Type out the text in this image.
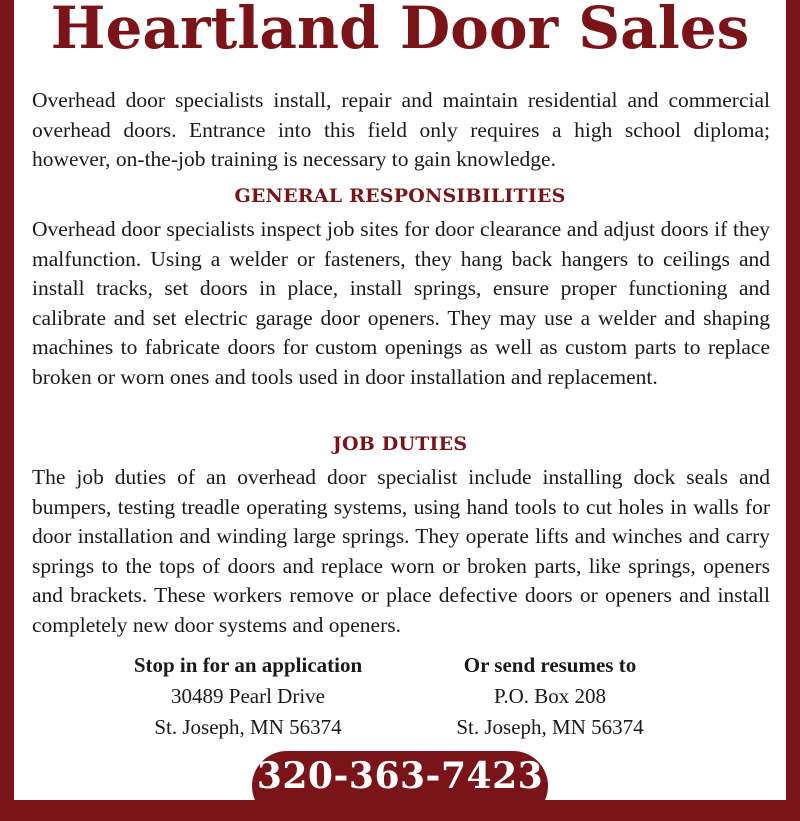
Heartland Door Sales
Overhead door specialists install, repair and maintain residential and commercial overhead doors. Entrance into this field only requires a high school diploma; however, on-the-job training is necessary to gain knowledge.
GENERAL RESPONSIBILITIES
Overhead door specialists inspect job sites for door clearance and adjust doors if they malfunction. Using a welder or fasteners, they hang back hangers to ceilings and install tracks, set doors in place, install springs, ensure proper functioning and calibrate and set electric garage door openers. They may use a welder and shaping machines to fabricate doors for custom openings as well as custom parts to replace broken or worn ones and tools used in door installation and replacement.
JOB DUTIES
The job duties of an overhead door specialist include installing dock seals and bumpers, testing treadle operating systems, using hand tools to cut holes in walls for door installation and winding large springs. They operate lifts and winches and carry springs to the tops of doors and replace worn or broken parts, like springs, openers and brackets. These workers remove or place defective doors or openers and install completely new door systems and openers.
Stop in for an application
30489 Pearl Drive
St. Joseph, MN 56374
Or send resumes to
P.O. Box 208
St. Joseph, MN 56374
320-363-7423
